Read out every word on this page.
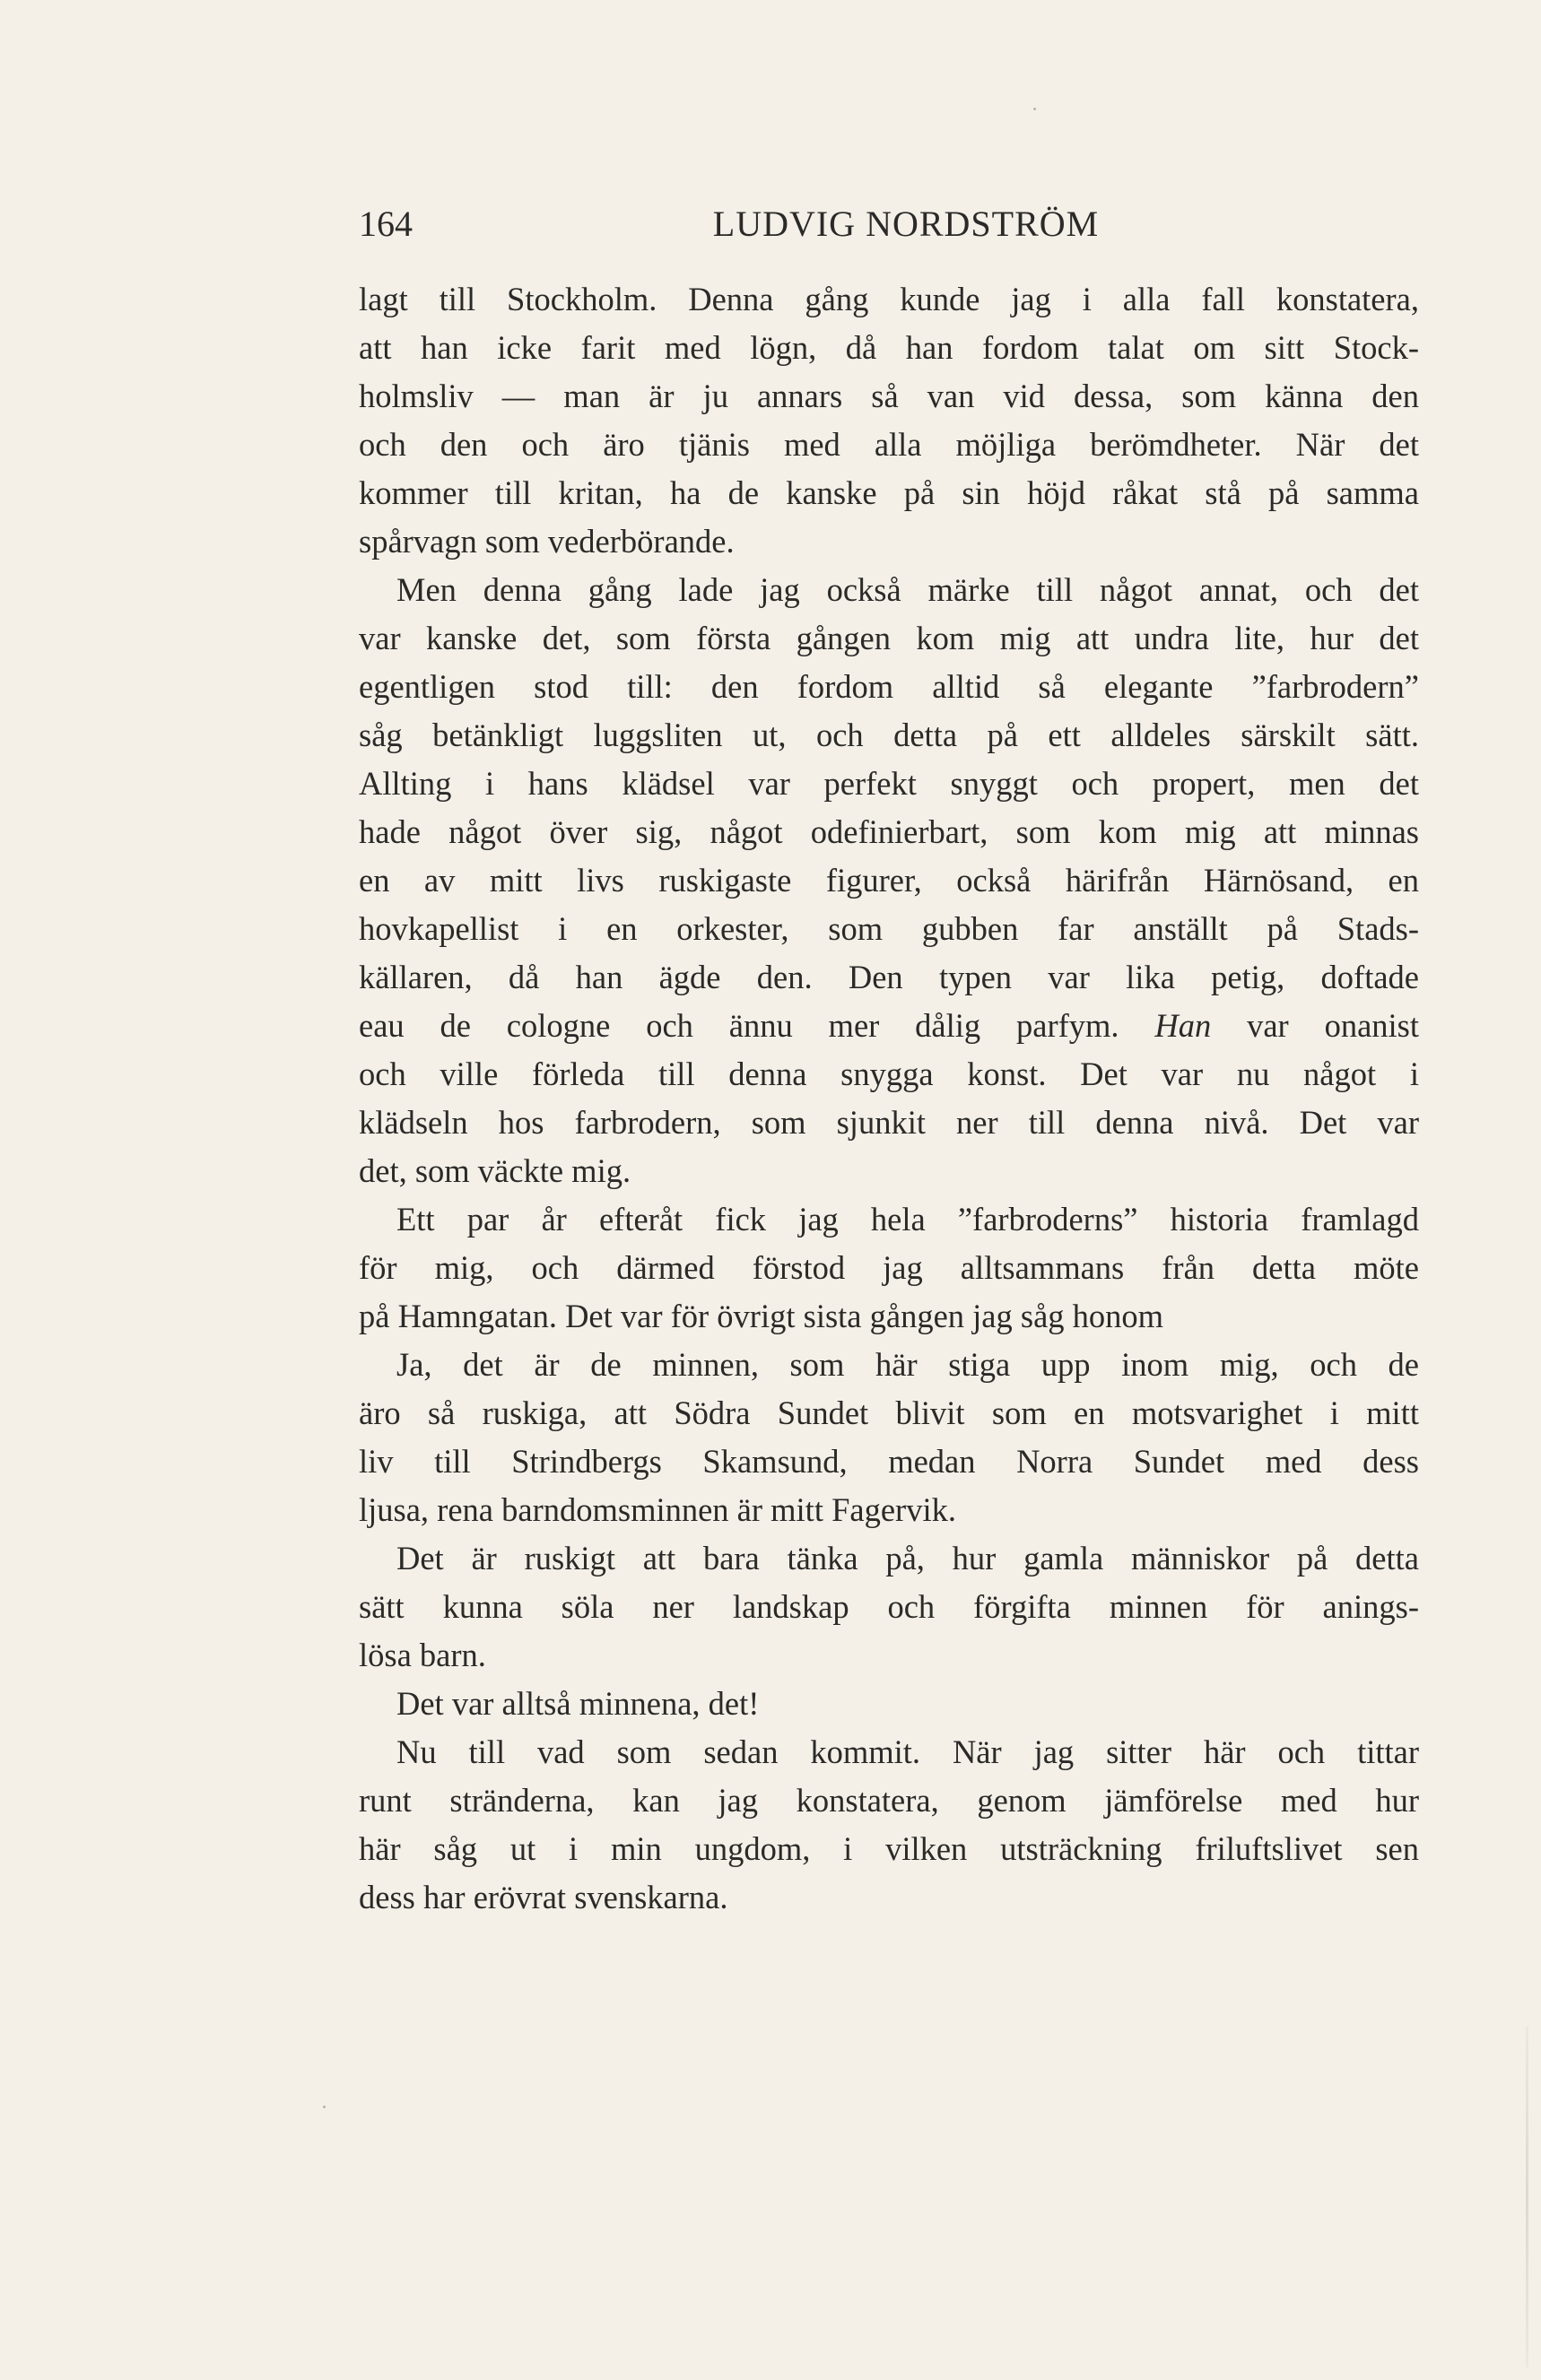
164	LUDVIG NORDSTRÖM
lagt till Stockholm. Denna gång kunde jag i alla fall konstatera,
att han icke farit med lögn, då han fordom talat om sitt Stock-
holmsliv — man är ju annars så van vid dessa, som känna den
och den och äro tjänis med alla möjliga berömdheter. När det
kommer till kritan, ha de kanske på sin höjd råkat stå på samma
spårvagn som vederbörande.
Men denna gång lade jag också märke till något annat, och det
var kanske det, som första gången kom mig att undra lite, hur det
egentligen stod till: den fordom alltid så elegante ”farbrodern”
såg betänkligt luggsliten ut, och detta på ett alldeles särskilt sätt.
Allting i hans klädsel var perfekt snyggt och propert, men det
hade något över sig, något odefinierbart, som kom mig att minnas
en av mitt livs ruskigaste figurer, också härifrån Härnösand, en
hovkapellist i en orkester, som gubben far anställt på Stads-
källaren, då han ägde den. Den typen var lika petig, doftade
eau de cologne och ännu mer dålig parfym. Han var onanist
och ville förleda till denna snygga konst. Det var nu något i
klädseln hos farbrodern, som sjunkit ner till denna nivå. Det var
det, som väckte mig.
Ett par år efteråt fick jag hela ”farbroderns” historia framlagd
för mig, och därmed förstod jag alltsammans från detta möte
på Hamngatan. Det var för övrigt sista gången jag såg honom
Ja, det är de minnen, som här stiga upp inom mig, och de
äro så ruskiga, att Södra Sundet blivit som en motsvarighet i mitt
liv till Strindbergs Skamsund, medan Norra Sundet med dess
ljusa, rena barndomsminnen är mitt Fagervik.
Det är ruskigt att bara tänka på, hur gamla människor på detta
sätt kunna söla ner landskap och förgifta minnen för anings-
lösa barn.
Det var alltså minnena, det!
Nu till vad som sedan kommit. När jag sitter här och tittar
runt stränderna, kan jag konstatera, genom jämförelse med hur
här såg ut i min ungdom, i vilken utsträckning friluftslivet sen
dess har erövrat svenskarna.
